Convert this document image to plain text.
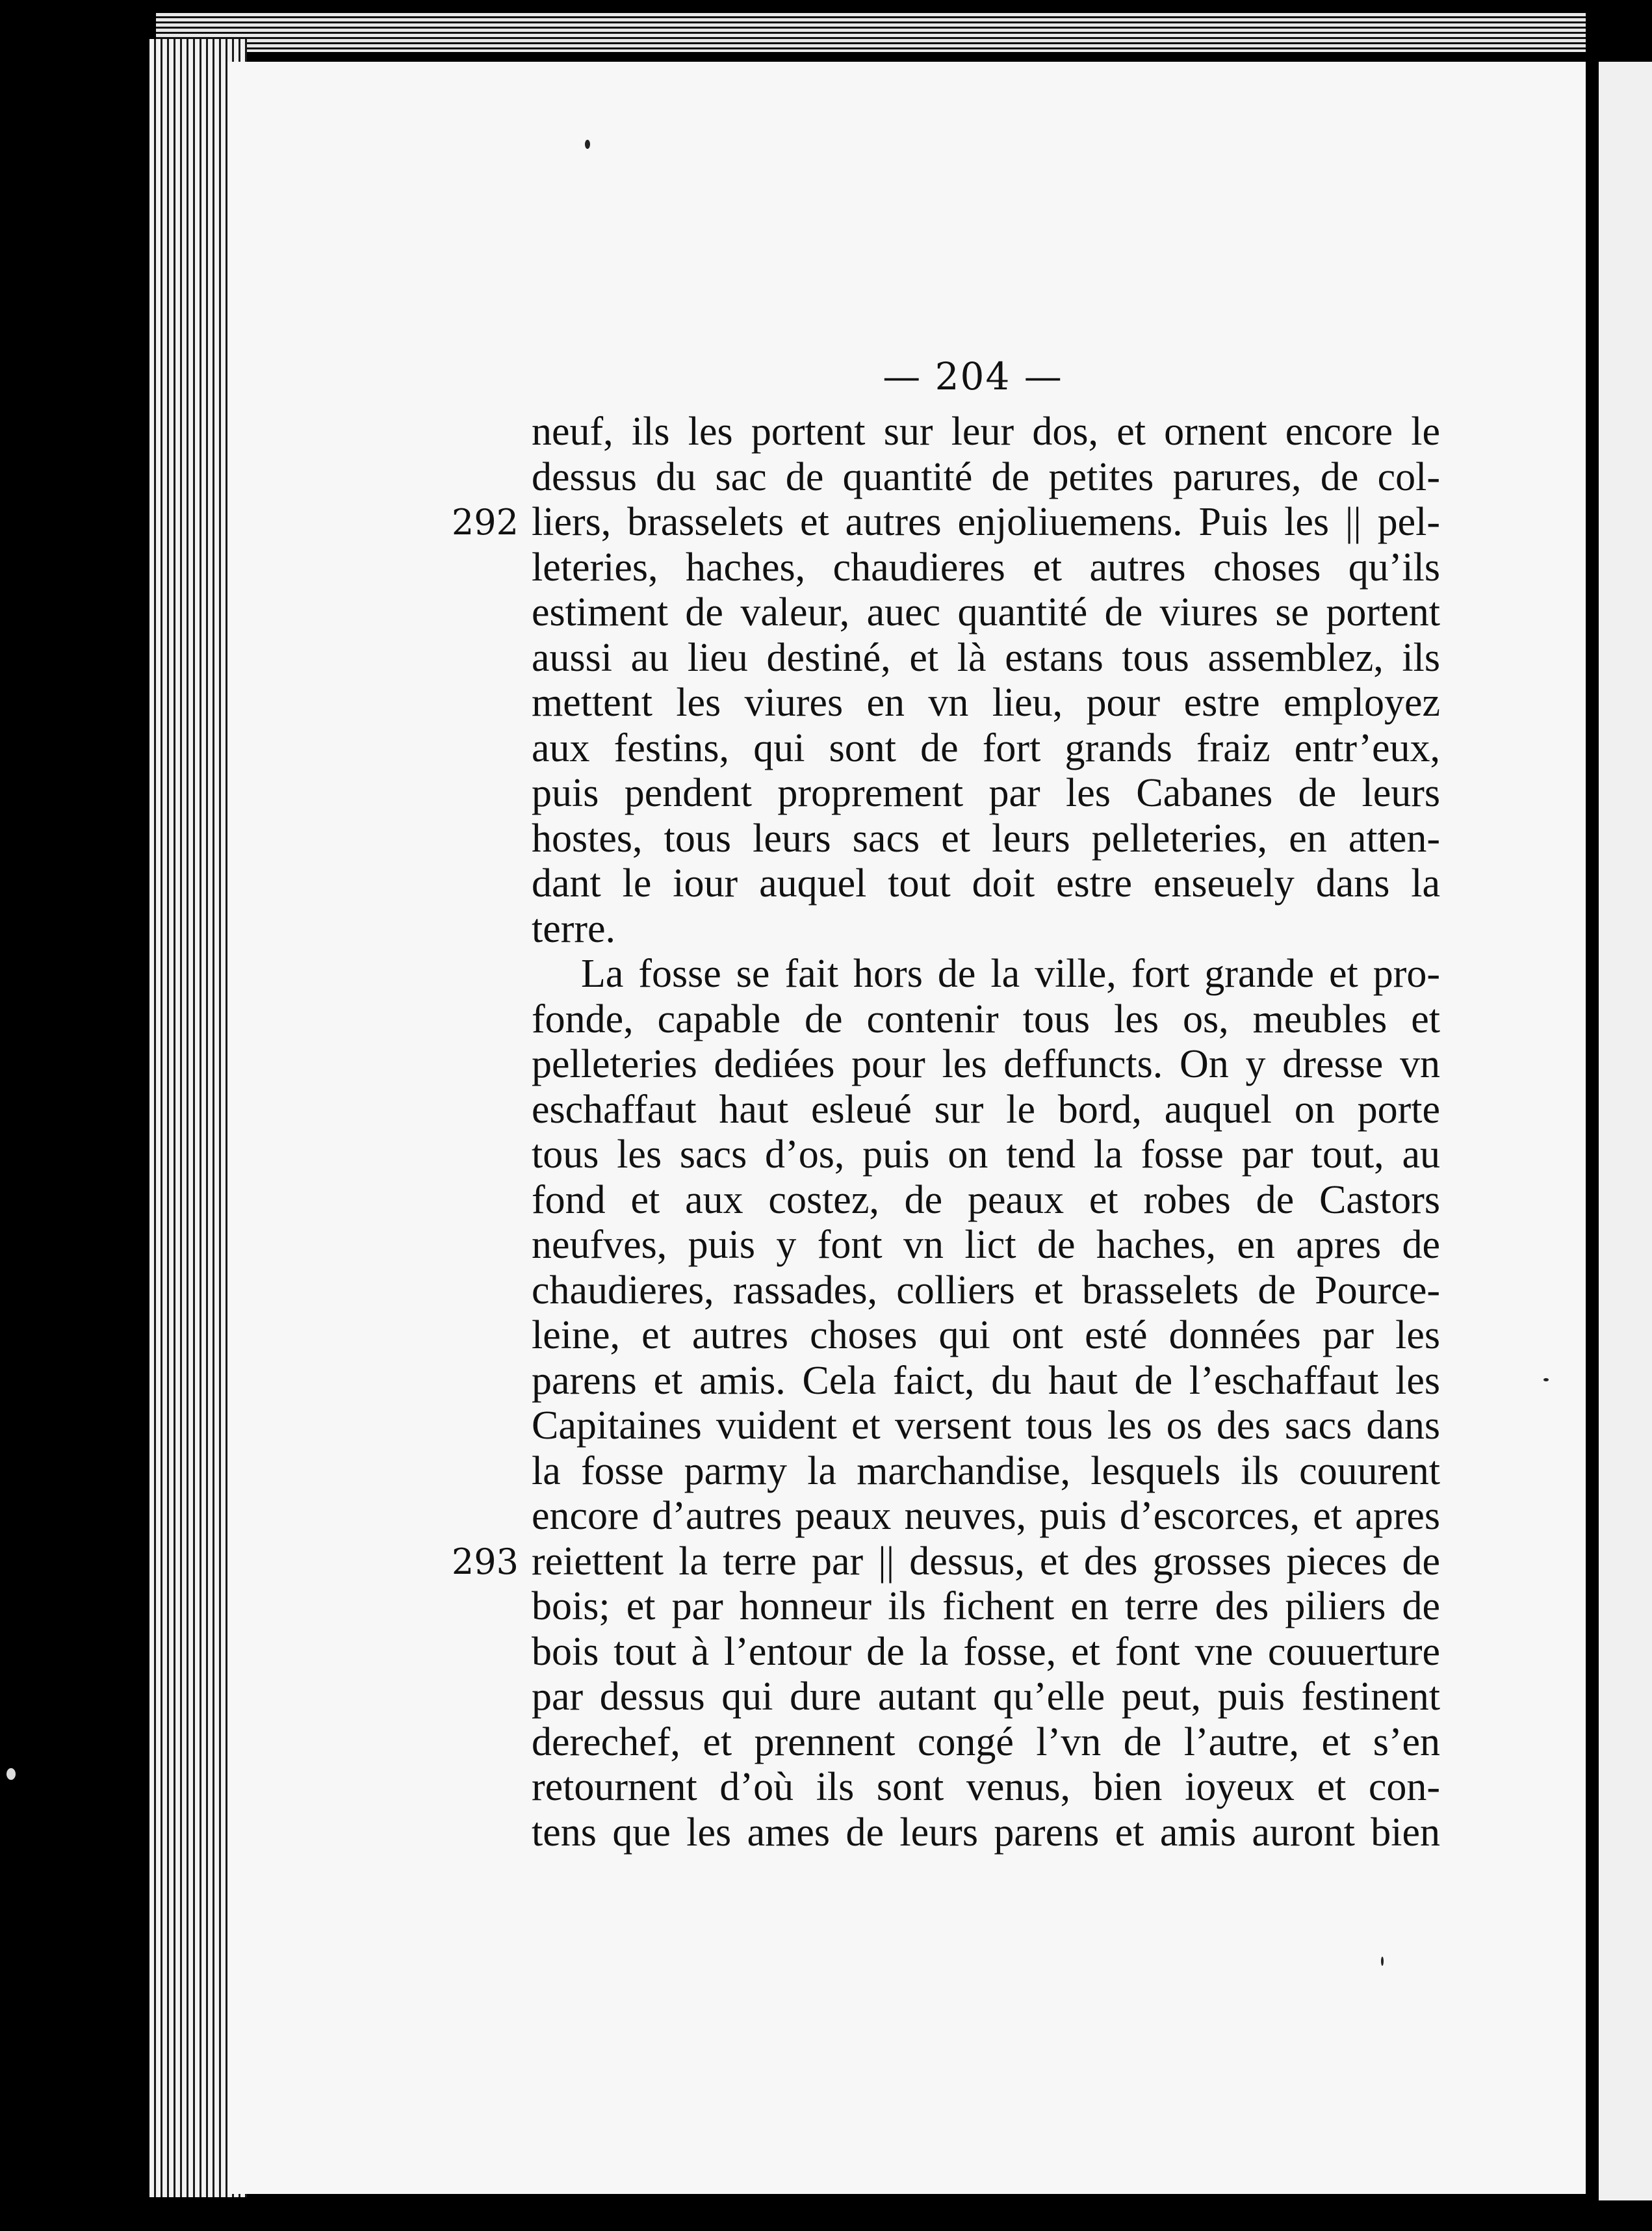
— 204 —
neuf, ils les portent sur leur dos, et ornent encore le
dessus du sac de quantité de petites parures, de col-
liers, brasselets et autres enjoliuemens. Puis les || pel-
292
leteries, haches, chaudieres et autres choses qu’ils
estiment de valeur, auec quantité de viures se portent
aussi au lieu destiné, et là estans tous assemblez, ils
mettent les viures en vn lieu, pour estre employez
aux festins, qui sont de fort grands fraiz entr’eux,
puis pendent proprement par les Cabanes de leurs
hostes, tous leurs sacs et leurs pelleteries, en atten-
dant le iour auquel tout doit estre enseuely dans la
terre.
La fosse se fait hors de la ville, fort grande et pro-
fonde, capable de contenir tous les os, meubles et
pelleteries dediées pour les deffuncts. On y dresse vn
eschaffaut haut esleué sur le bord, auquel on porte
tous les sacs d’os, puis on tend la fosse par tout, au
fond et aux costez, de peaux et robes de Castors
neufves, puis y font vn lict de haches, en apres de
chaudieres, rassades, colliers et brasselets de Pource-
leine, et autres choses qui ont esté données par les
parens et amis. Cela faict, du haut de l’eschaffaut les
Capitaines vuident et versent tous les os des sacs dans
la fosse parmy la marchandise, lesquels ils couurent
encore d’autres peaux neuves, puis d’escorces, et apres
reiettent la terre par || dessus, et des grosses pieces de
293
bois; et par honneur ils fichent en terre des piliers de
bois tout à l’entour de la fosse, et font vne couuerture
par dessus qui dure autant qu’elle peut, puis festinent
derechef, et prennent congé l’vn de l’autre, et s’en
retournent d’où ils sont venus, bien ioyeux et con-
tens que les ames de leurs parens et amis auront bien
